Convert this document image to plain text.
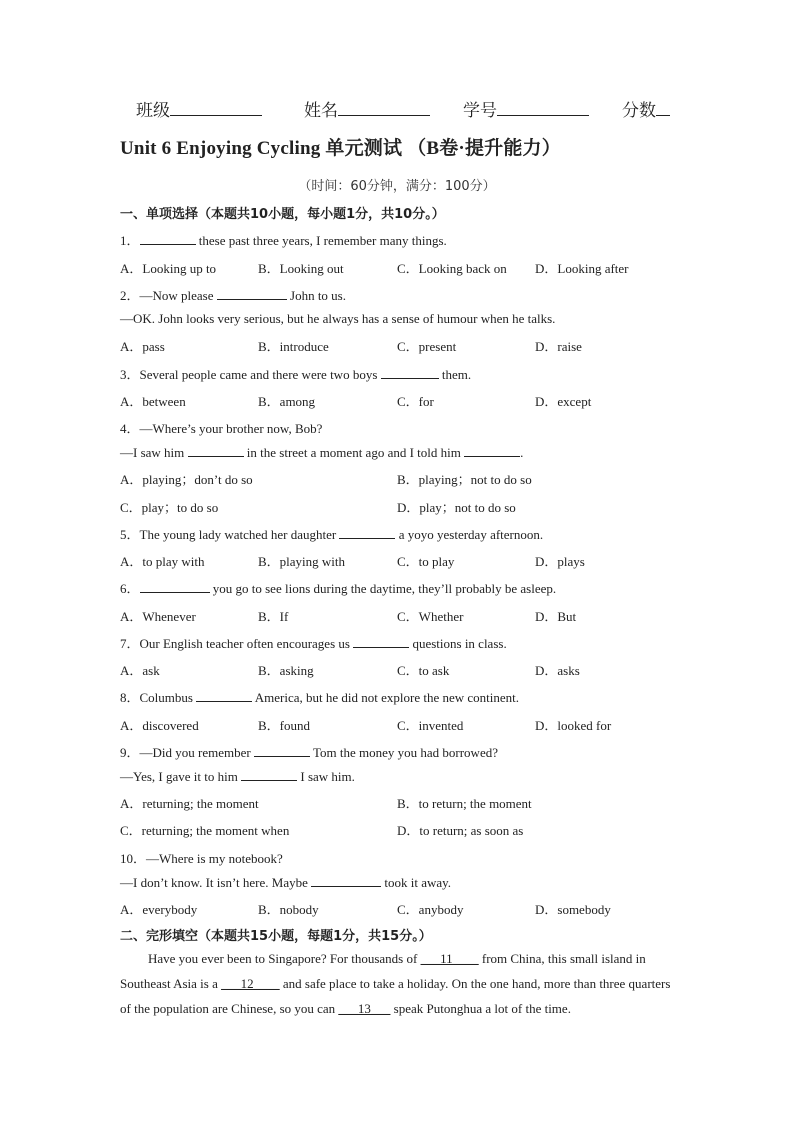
班级	姓名	学号	分数
Unit 6 Enjoying Cycling 单元测试 （B卷·提升能力）
（时间：60分钟，满分：100分）
一、单项选择（本题共10小题，每小题1分，共10分。）
1．	these past three years, I remember many things.
A．Looking up to	B．Looking out	C．Looking back on D．Looking after
2．—Now please	John to us.
—OK. John looks very serious, but he always has a sense of humour when he talks.
A．pass	B．introduce	C．present	D．raise
3．Several people came and there were two boys	them.
A．between	B．among	C．for	D．except
4．—Where’s your brother now, Bob?
—I saw him	in the street a moment ago and I told him	.
A．playing；don’t do so	B．playing；not to do so
C．play；to do so	D．play；not to do so
5．The young lady watched her daughter	a yoyo yesterday afternoon.
A．to play with	B．playing with	C．to play	D．plays
6．	you go to see lions during the daytime, they’ll probably be asleep.
A．Whenever	B．If	C．Whether	D．But
7．Our English teacher often encourages us	questions in class.
A．ask	B．asking	C．to ask	D．asks
8．Columbus	America, but he did not explore the new continent.
A．discovered	B．found	C．invented	D．looked for
9．—Did you remember	Tom the money you had borrowed?
—Yes, I gave it to him	I saw him.
A．returning; the moment	B．to return; the moment
C．returning; the moment when	D．to return; as soon as
10．—Where is my notebook?
—I don’t know. It isn’t here. Maybe	took it away.
A．everybody	B．nobody	C．anybody	D．somebody
二、完形填空（本题共15小题，每题1分，共15分。）
Have you ever been to Singapore? For thousands of ___11____ from China, this small island in Southeast Asia is a ___12____ and safe place to take a holiday. On the one hand, more than three quarters of the population are Chinese, so you can ___13___ speak Putonghua a lot of the time.
